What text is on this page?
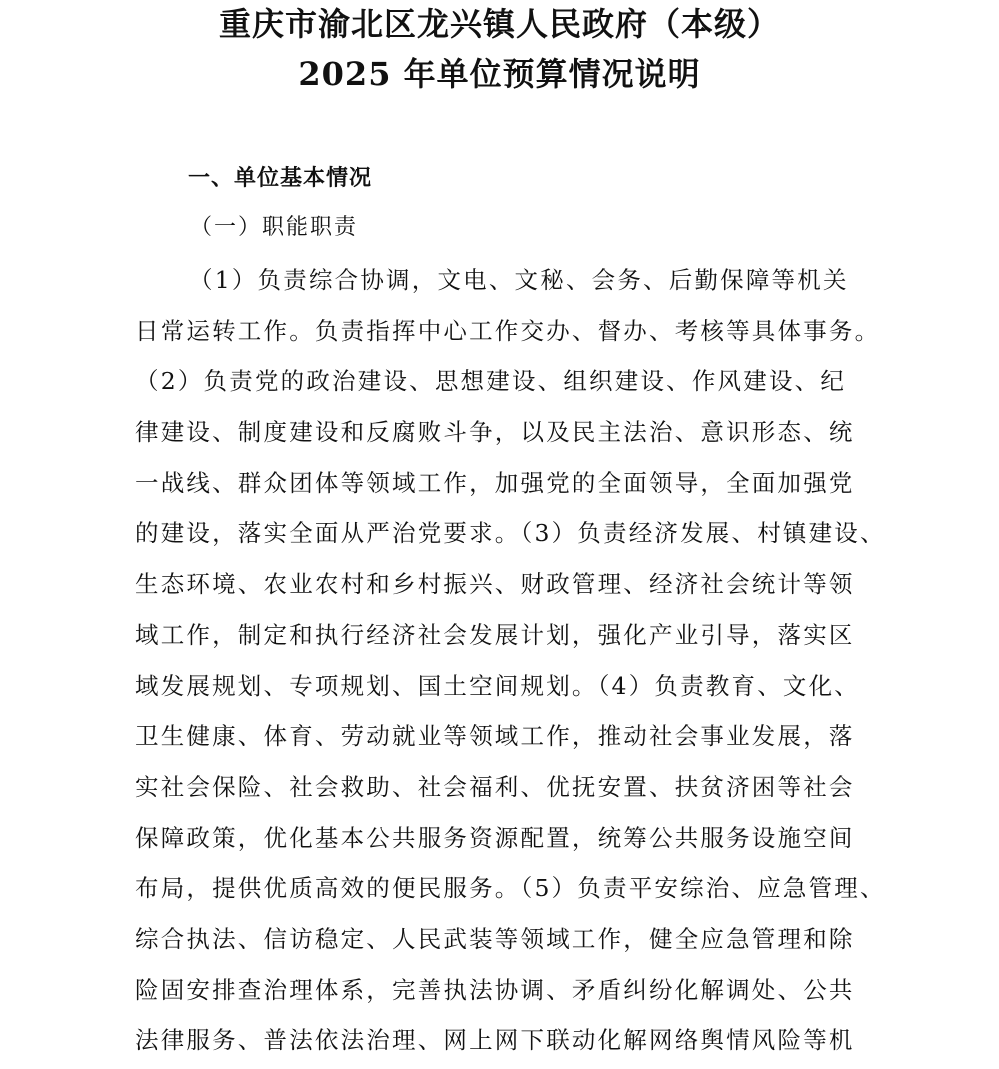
重庆市渝北区龙兴镇人民政府（本级）
2025 年单位预算情况说明
一、单位基本情况
（一）职能职责
（1）负责综合协调，文电、文秘、会务、后勤保障等机关
日常运转工作。负责指挥中心工作交办、督办、考核等具体事务。
（2）负责党的政治建设、思想建设、组织建设、作风建设、纪
律建设、制度建设和反腐败斗争，以及民主法治、意识形态、统
一战线、群众团体等领域工作，加强党的全面领导，全面加强党
的建设，落实全面从严治党要求。（3）负责经济发展、村镇建设、
生态环境、农业农村和乡村振兴、财政管理、经济社会统计等领
域工作，制定和执行经济社会发展计划，强化产业引导，落实区
域发展规划、专项规划、国土空间规划。（4）负责教育、文化、
卫生健康、体育、劳动就业等领域工作，推动社会事业发展，落
实社会保险、社会救助、社会福利、优抚安置、扶贫济困等社会
保障政策，优化基本公共服务资源配置，统筹公共服务设施空间
布局，提供优质高效的便民服务。（5）负责平安综治、应急管理、
综合执法、信访稳定、人民武装等领域工作，健全应急管理和除
险固安排查治理体系，完善执法协调、矛盾纠纷化解调处、公共
法律服务、普法依法治理、网上网下联动化解网络舆情风险等机
